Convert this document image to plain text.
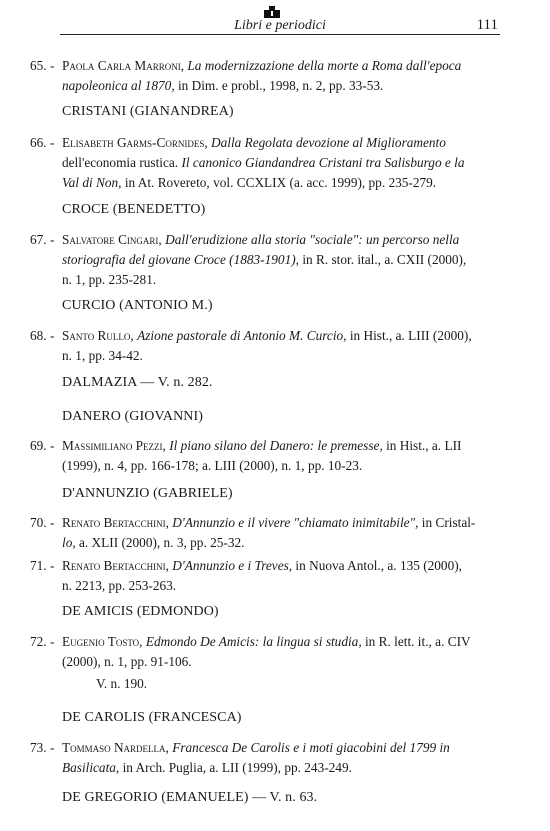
Libri e periodici	111
65. - Paola Carla Marroni, La modernizzazione della morte a Roma dall'epoca
napoleonica al 1870, in Dim. e probl., 1998, n. 2, pp. 33-53.
CRISTANI (GIANANDREA)
66. - Elisabeth Garms-Cornides, Dalla Regolata devozione al Miglioramento
dell'economia rustica. Il canonico Giandandrea Cristani tra Salisburgo e la
Val di Non, in At. Rovereto, vol. CCXLIX (a. acc. 1999), pp. 235-279.
CROCE (BENEDETTO)
67. - Salvatore Cingari, Dall'erudizione alla storia "sociale": un percorso nella
storiografia del giovane Croce (1883-1901), in R. stor. ital., a. CXII (2000),
n. 1, pp. 235-281.
CURCIO (ANTONIO M.)
68. - Santo Rullo, Azione pastorale di Antonio M. Curcio, in Hist., a. LIII (2000),
n. 1, pp. 34-42.
DALMAZIA — V. n. 282.
DANERO (GIOVANNI)
69. - Massimiliano Pezzi, Il piano silano del Danero: le premesse, in Hist., a. LII
(1999), n. 4, pp. 166-178; a. LIII (2000), n. 1, pp. 10-23.
D'ANNUNZIO (GABRIELE)
70. - Renato Bertacchini, D'Annunzio e il vivere "chiamato inimitabile", in Cristal-
lo, a. XLII (2000), n. 3, pp. 25-32.
71. - Renato Bertacchini, D'Annunzio e i Treves, in Nuova Antol., a. 135 (2000),
n. 2213, pp. 253-263.
DE AMICIS (EDMONDO)
72. - Eugenio Tosto, Edmondo De Amicis: la lingua si studia, in R. lett. it., a. CIV
(2000), n. 1, pp. 91-106.
V. n. 190.
DE CAROLIS (FRANCESCA)
73. - Tommaso Nardella, Francesca De Carolis e i moti giacobini del 1799 in
Basilicata, in Arch. Puglia, a. LII (1999), pp. 243-249.
DE GREGORIO (EMANUELE) — V. n. 63.
